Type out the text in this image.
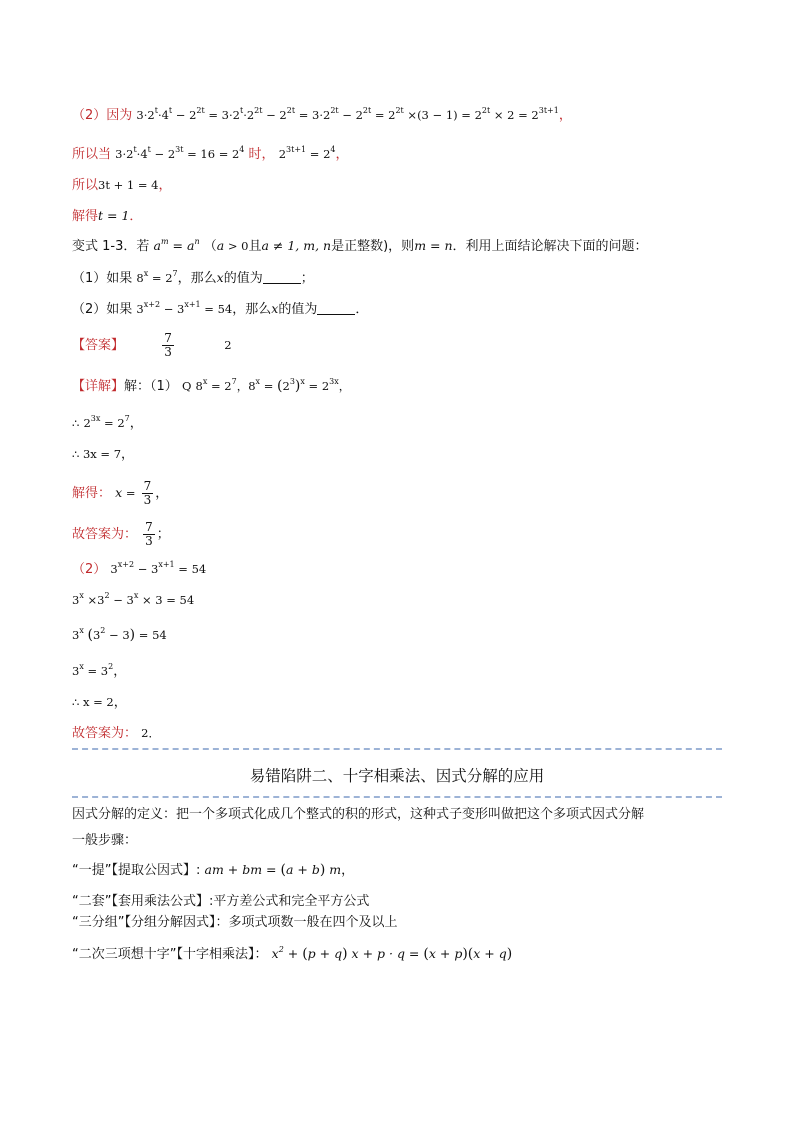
（2）因为 $3\cdot 2^t\cdot 4^t - 2^{2t} = 3\cdot 2^t\cdot 2^{2t} - 2^{2t} = 3\cdot 2^{2t} - 2^{2t} = 2^{2t} \times(3 - 1) = 2^{2t} \times 2 = 2^{3t+1}$，
所以当 $3\cdot 2^t\cdot 4^t - 2^{3t} = 16 = 2^4$ 时， $2^{3t+1} = 2^4$，
所以3t + 1 = 4，
解得t = 1．
变式 1-3．若 $a^m = a^n$ （a > 0且a ≠ 1, m, n是正整数)，则m = n．利用上面结论解决下面的问题：
（1）如果 $8^x = 2^7$，那么x的值为	；
（2）如果 $3^{x+2} - 3^{x+1} = 54$，那么x的值为	．
【答案】	$\frac{7}{3}$	2
【详解】解：（1） Q $8^x = 2^7$，$8^x = (2^3)^x = 2^{3x}$，
∴ $2^{3x} = 2^7$，
∴ 3x = 7，
解得： $x = \frac{7}{3}$ ，
故答案为： $\frac{7}{3}$ ；
（2） $3^{x+2} - 3^{x+1} = 54$
$3^x \times 3^2 - 3^x \times 3 = 54$
3$^x$ $(3^2 - 3) = 54$
$3^x = 3^2$，
∴ x = 2，
故答案为： 2．
易错陷阱二、十字相乘法、因式分解的应用
因式分解的定义：把一个多项式化成几个整式的积的形式，这种式子变形叫做把这个多项式因式分解
一般步骤：
“一提”【提取公因式】: am + bm = (a + b) m，
“二套”【套用乘法公式】:平方差公式和完全平方公式
“三分组”【分组分解因式】：多项式项数一般在四个及以上
“二次三项想十字”【十字相乘法】： $x^2 + (p + q) x + p \cdot q = (x + p)(x + q)$
